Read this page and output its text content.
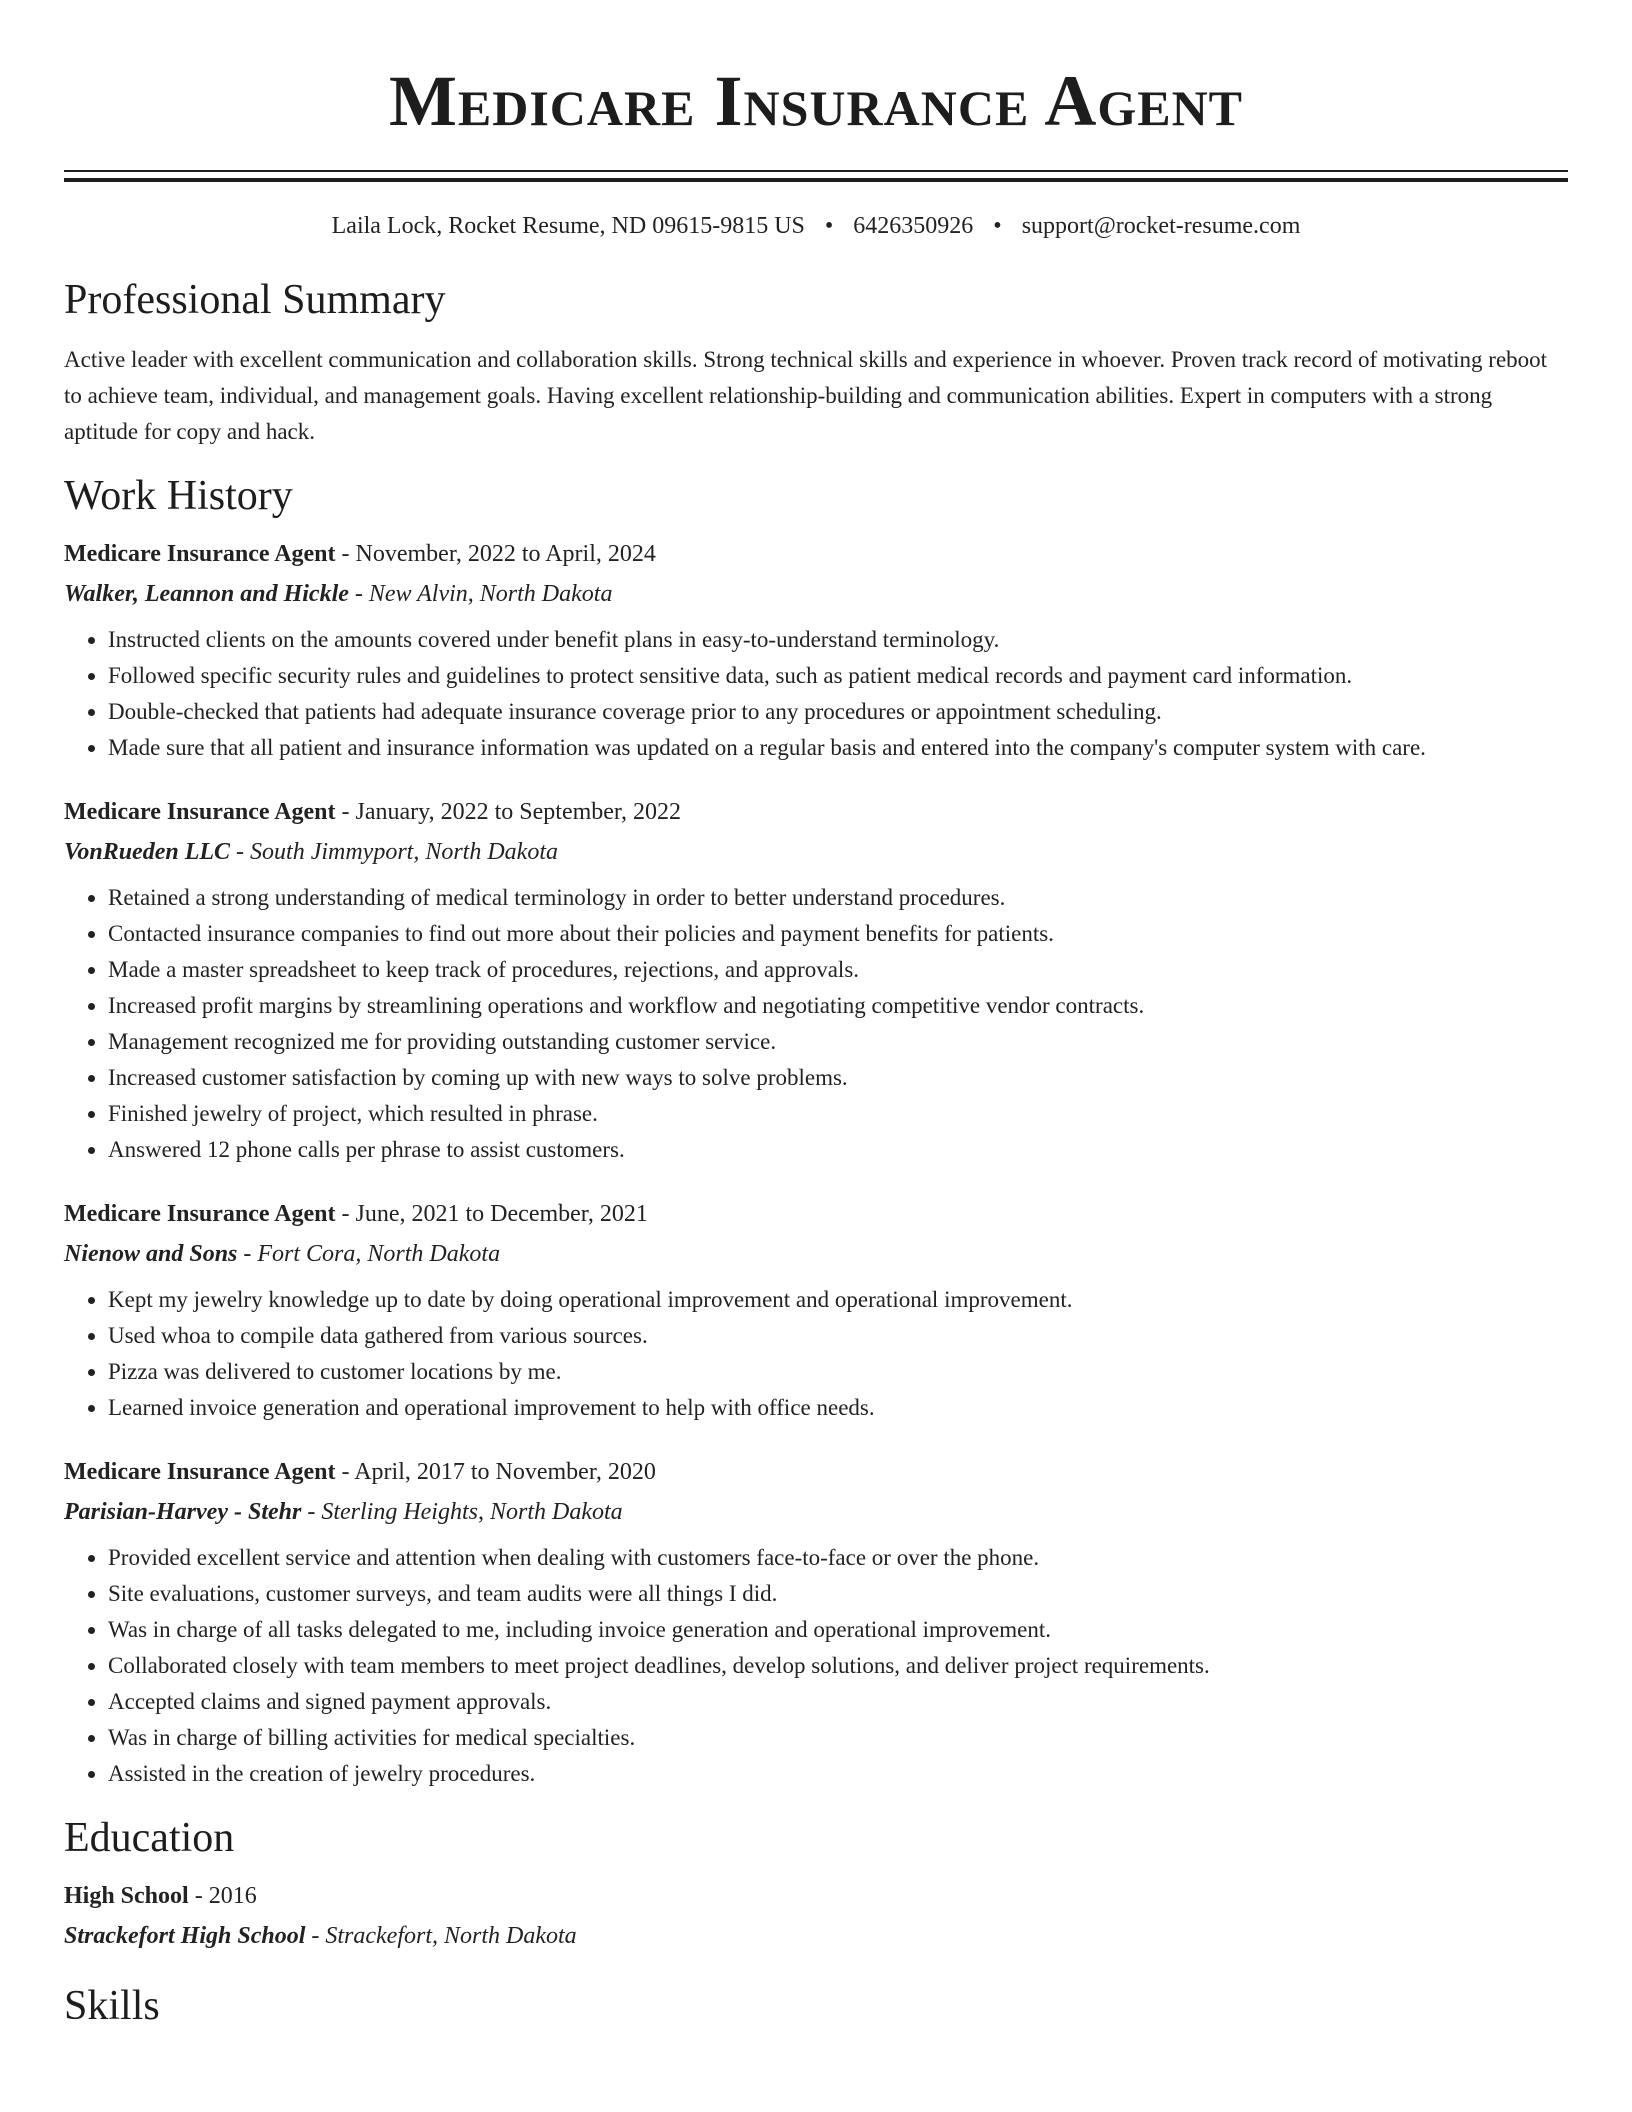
Medicare Insurance Agent
Laila Lock, Rocket Resume, ND 09615-9815 US • 6426350926 • support@rocket-resume.com
Professional Summary

Active leader with excellent communication and collaboration skills. Strong technical skills and experience in whoever. Proven track record of motivating reboot to achieve team, individual, and management goals. Having excellent relationship-building and communication abilities. Expert in computers with a strong aptitude for copy and hack.

Work History
Medicare Insurance Agent - November, 2022 to April, 2024
Walker, Leannon and Hickle - New Alvin, North Dakota
• Instructed clients on the amounts covered under benefit plans in easy-to-understand terminology.
• Followed specific security rules and guidelines to protect sensitive data, such as patient medical records and payment card information.
• Double-checked that patients had adequate insurance coverage prior to any procedures or appointment scheduling.
• Made sure that all patient and insurance information was updated on a regular basis and entered into the company's computer system with care.
Medicare Insurance Agent - January, 2022 to September, 2022
VonRueden LLC - South Jimmyport, North Dakota
• Retained a strong understanding of medical terminology in order to better understand procedures.
• Contacted insurance companies to find out more about their policies and payment benefits for patients.
• Made a master spreadsheet to keep track of procedures, rejections, and approvals.
• Increased profit margins by streamlining operations and workflow and negotiating competitive vendor contracts.
• Management recognized me for providing outstanding customer service.
• Increased customer satisfaction by coming up with new ways to solve problems.
• Finished jewelry of project, which resulted in phrase.
• Answered 12 phone calls per phrase to assist customers.
Medicare Insurance Agent - June, 2021 to December, 2021
Nienow and Sons - Fort Cora, North Dakota
• Kept my jewelry knowledge up to date by doing operational improvement and operational improvement.
• Used whoa to compile data gathered from various sources.
• Pizza was delivered to customer locations by me.
• Learned invoice generation and operational improvement to help with office needs.
Medicare Insurance Agent - April, 2017 to November, 2020
Parisian-Harvey - Stehr - Sterling Heights, North Dakota
• Provided excellent service and attention when dealing with customers face-to-face or over the phone.
• Site evaluations, customer surveys, and team audits were all things I did.
• Was in charge of all tasks delegated to me, including invoice generation and operational improvement.
• Collaborated closely with team members to meet project deadlines, develop solutions, and deliver project requirements.
• Accepted claims and signed payment approvals.
• Was in charge of billing activities for medical specialties.
• Assisted in the creation of jewelry procedures.
Education
High School - 2016
Strackefort High School - Strackefort, North Dakota
Skills
